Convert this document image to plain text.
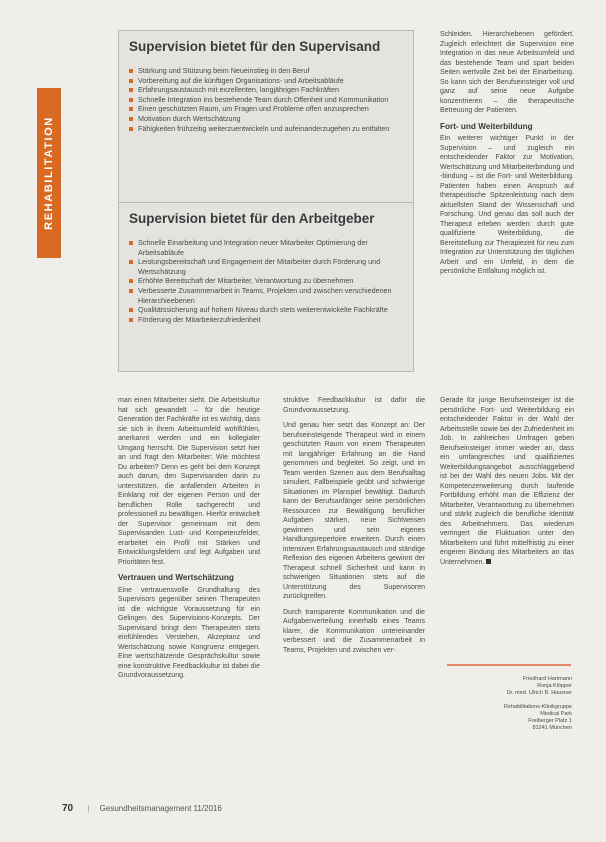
REHABILITATION
Supervision bietet für den Supervisand
Stärkung und Stützung beim Neueinstieg in den Beruf
Vorbereitung auf die künftigen Organisations- und Arbeitsabläufe
Erfahrungsaustausch mit exzellenten, langjährigen Fachkräften
Schnelle Integration ins bestehende Team durch Offenheit und Kommunikation
Einen geschützten Raum, um Fragen und Probleme offen anzusprechen
Motivation durch Wertschätzung
Fähigkeiten frühzeitig weiterzuentwickeln und aufeinanderzugehen zu entfalten
Supervision bietet für den Arbeitgeber
Schnelle Einarbeitung und Integration neuer Mitarbeiter Optimierung der Arbeitsabläufe
Leistungsbereitschaft und Engagement der Mitarbeiter durch Förderung und Wertschätzung
Erhöhte Bereitschaft der Mitarbeiter, Verantwortung zu übernehmen
Verbesserte Zusammenarbeit in Teams, Projekten und zwischen verschiedenen Hierarchieebenen
Qualitätssicherung auf hohem Niveau durch stets weiterentwickelte Fachkräfte
Förderung der Mitarbeiterzufriedenheit

Schleiden. Hierarchiebenen gefördert. Zugleich erleichtert die Supervision eine Integration in das neue Arbeitsumfeld und das bestehende Team und spart beiden Seiten wertvolle Zeit bei der Einarbeitung. So kann sich der Berufseinsteiger voll und ganz auf seine neue Aufgabe konzentrieren – die therapeutische Betreuung der Patienten.

Fort- und Weiterbildung

Ein weiterer wichtiger Punkt in der Supervision – und zugleich ein entscheidender Faktor zur Motivation, Wertschätzung und Mitarbeiterbindung und -bindung – ist die Fort- und Weiterbildung. Patienten haben einen Anspruch auf therapeutische Spitzenleistung nach dem aktuellsten Stand der Wissenschaft und Forschung. Und genau das soll auch der Therapeut erleben werden: durch gute qualifizierte Weiterbildung, die Bereitstellung zur Therapiezeit für neu zum Integration zur Unterstützung der täglichen Arbeit und ein Umfeld, in dem die persönliche Entfaltung möglich ist.

man einen Mitarbeiter sieht. Die Arbeitskultur hat sich gewandelt – für die heutige Generation der Fachkräfte ist es wichtig, dass sie sich in ihrem Arbeitsumfeld wohlfühlen, anerkannt werden und ein kollegialer Umgang herrscht. Die Supervision setzt hier an und fragt den Mitarbeiter: Wie möchtest Du arbeiten? Denn es geht bei dem Konzept auch darum, den Supervisanden darin zu unterstützen, die anfallenden Arbeiten in Einklang mit der eigenen Person und der beruflichen Rolle sachgerecht und professionell zu bewältigen. Hierfür entwickelt der Supervisor gemeinsam mit dem Supervisanden Lust- und Kompetenzfelder, erarbeitet ein Profil mit Stärken und Entwicklungsfeldern und legt Aufgaben und Prioritäten fest.

Vertrauen und Wertschätzung

Eine vertrauensvolle Grundhaltung des Supervisors gegenüber seinen Therapeuten ist die wichtigste Voraussetzung für ein Gelingen des Supervisions-Konzepts. Der Supervisand bringt dem Therapeuten stets einfühlendes Verstehen, Akzeptanz und Wertschätzung sowie Kongruenz entgegen. Eine wertschätzende Gesprächskultur sowie eine konstruktive Feedbackkultur ist dabei die Grundvoraussetzung.

struktive Feedbackkultur ist dafür die Grundvoraussetzung.

Und genau hier setzt das Konzept an: Der berufseinsteigende Therapeut wird in einem geschützten Raum von einem Therapeuten mit langjähriger Erfahrung an die Hand genommen und begleitet. So zeigt, und im Team werden Szenen aus dem Berufsalltag simuliert, Fallbeispiele geübt und schwierige Situationen im Planspiel bewältigt. Dadurch kann der Berufsanfänger seine persönlichen Ressourcen zur Bewältigung beruflicher Aufgaben stärken, neue Sichtweisen gewinnen und sein eigenes Handlungsrepertoire erweitern. Durch einen intensiven Erfahrungsaustausch und ständige Reflexion des eigenen Arbeitens gewinnt der Therapeut schnell Sicherheit und kann in schwierigen Situationen stets auf die Unterstützung des Supervisoren zurückgreifen.

Durch transparente Kommunikation und die Aufgabenverteilung innerhalb eines Teams klarer, die Kommunikation untereinander verbessert und die Zusammenarbeit in Teams, Projekten und zwischen ver-

Gerade für junge Berufseinsteiger ist die persönliche Fort- und Weiterbildung ein entscheidender Faktor in der Wahl der Arbeitsstelle sowie bei der Zufriedenheit im Job. In zahlreichen Umfragen geben Berufseinsteiger immer wieder an, dass ein umfangreiches und qualifiziertes Weiterbildungsangebot ausschlaggebend ist bei der Wahl des neuen Jobs. Mit der Kompetenzerweiterung durch laufende Fortbildung erhöht man die Effizienz der Mitarbeiter, Verantwortung zu übernehmen und stärkt zugleich die berufliche Identität des Arbeitnehmers. Das wiederum verringert die Fluktuation unter den Mitarbeitern und führt mittelfristig zu einer engeren Bindung des Mitarbeiters an das Unternehmen.

Friedhard Hartmann
Ronja Klöpper
Dr. med. Ulrich B. Hausner
Rehabilitations-Klinikgruppe
Medical Park
Freiberger Platz 1
81241 München
70 | Gesundheitsmanagement 11/2016
